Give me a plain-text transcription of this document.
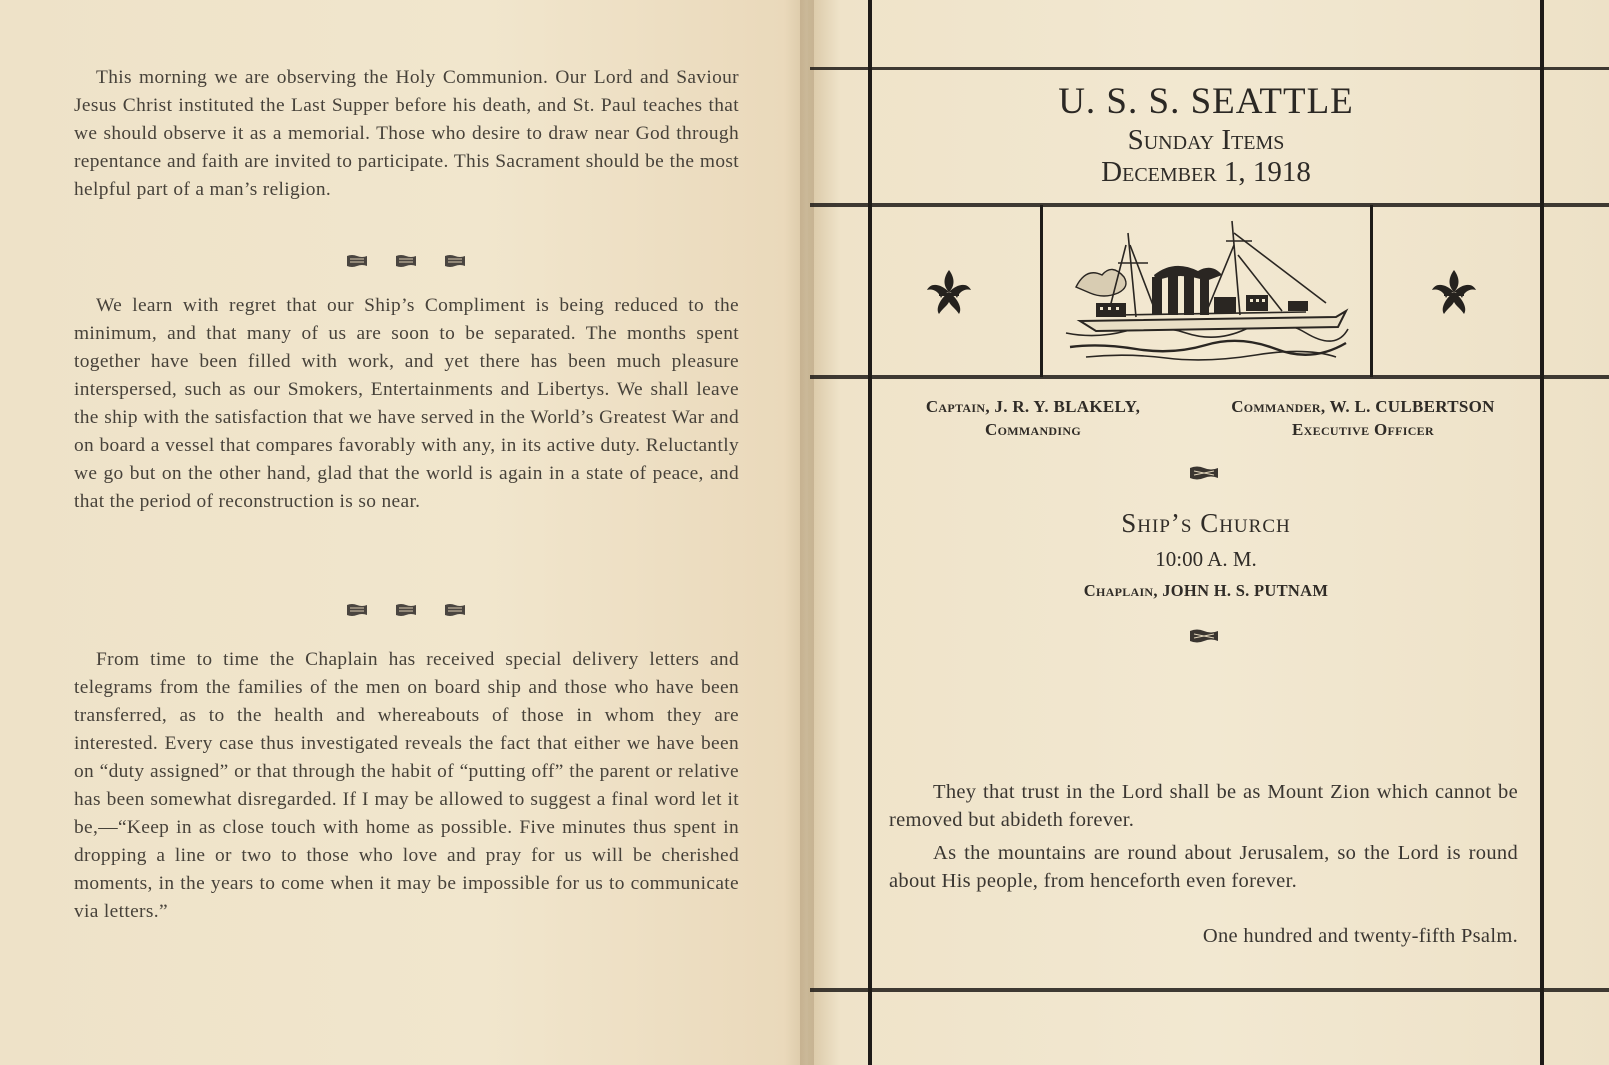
This morning we are observing the Holy Communion. Our Lord and Saviour Jesus Christ instituted the Last Supper before his death, and St. Paul teaches that we should observe it as a memorial. Those who desire to draw near God through repentance and faith are invited to participate. This Sacrament should be the most helpful part of a man’s religion.

We learn with regret that our Ship’s Compliment is being reduced to the minimum, and that many of us are soon to be separated. The months spent together have been filled with work, and yet there has been much pleasure interspersed, such as our Smokers, Entertainments and Libertys. We shall leave the ship with the satisfaction that we have served in the World’s Greatest War and on board a vessel that compares favorably with any, in its active duty. Reluctantly we go but on the other hand, glad that the world is again in a state of peace, and that the period of reconstruction is so near.

From time to time the Chaplain has received special delivery letters and telegrams from the families of the men on board ship and those who have been transferred, as to the health and whereabouts of those in whom they are interested. Every case thus investigated reveals the fact that either we have been on “duty assigned” or that through the habit of “putting off” the parent or relative has been somewhat disregarded. If I may be allowed to suggest a final word let it be,—“Keep in as close touch with home as possible. Five minutes thus spent in dropping a line or two to those who love and pray for us will be cherished moments, in the years to come when it may be impossible for us to communicate via letters.”

U. S. S. SEATTLE
Sunday Items
December 1, 1918
Captain, J. R. Y. BLAKELY,
Commanding
Commander, W. L. CULBERTSON
Executive Officer
Ship’s Church
10:00 A. M.
Chaplain, JOHN H. S. PUTNAM

They that trust in the Lord shall be as Mount Zion which cannot be removed but abideth forever.

As the mountains are round about Jerusalem, so the Lord is round about His people, from henceforth even forever.

One hundred and twenty-fifth Psalm.
